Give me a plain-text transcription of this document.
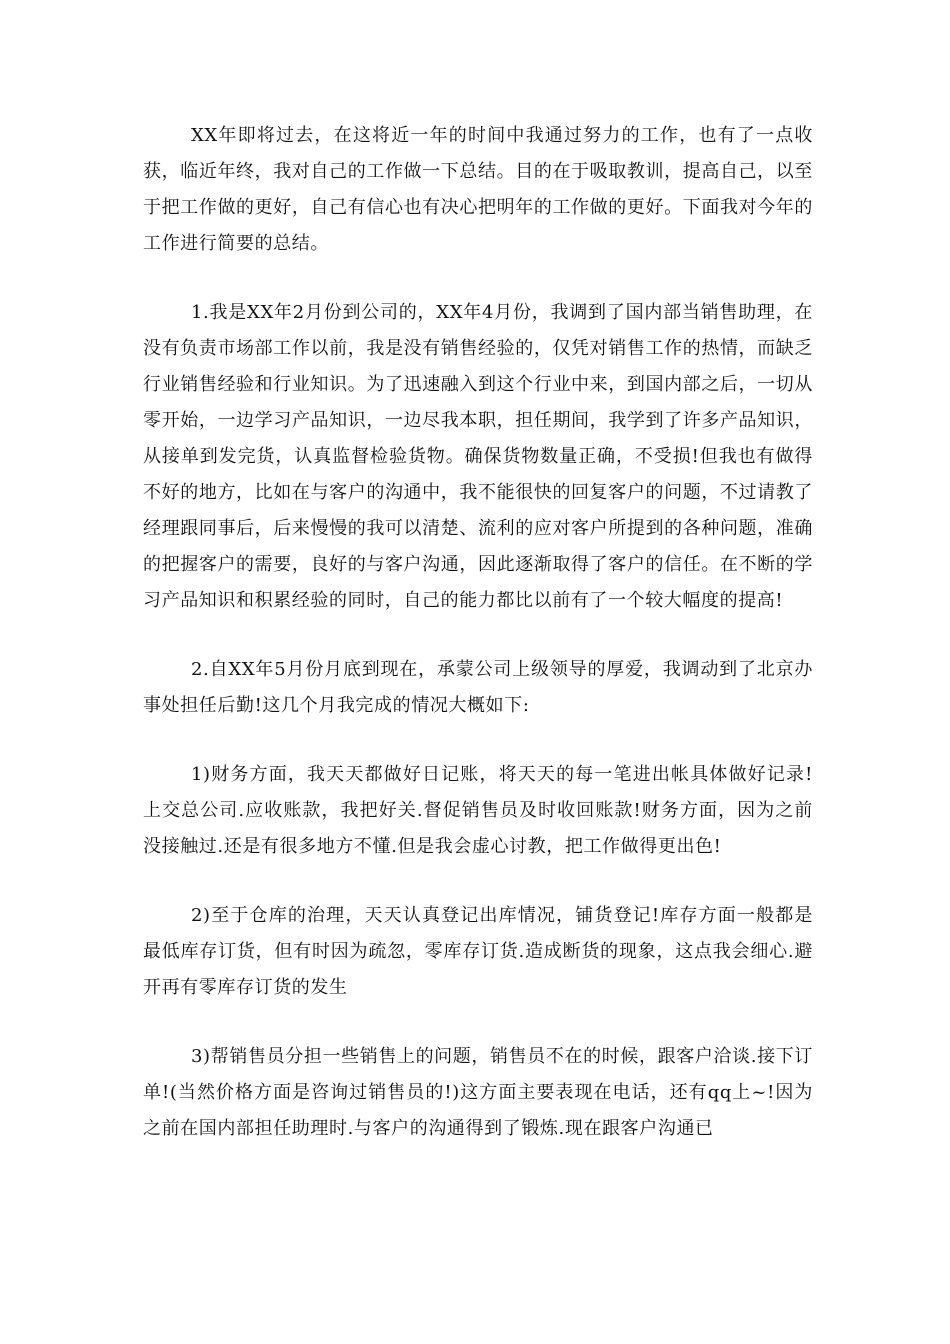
XX年即将过去，在这将近一年的时间中我通过努力的工作，也有了一点收获，临近年终，我对自己的工作做一下总结。目的在于吸取教训，提高自己，以至于把工作做的更好，自己有信心也有决心把明年的工作做的更好。下面我对今年的工作进行简要的总结。

1.我是XX年2月份到公司的，XX年4月份，我调到了国内部当销售助理，在没有负责市场部工作以前，我是没有销售经验的，仅凭对销售工作的热情，而缺乏行业销售经验和行业知识。为了迅速融入到这个行业中来，到国内部之后，一切从零开始，一边学习产品知识，一边尽我本职，担任期间，我学到了许多产品知识，从接单到发完货，认真监督检验货物。确保货物数量正确，不受损!但我也有做得不好的地方，比如在与客户的沟通中，我不能很快的回复客户的问题，不过请教了经理跟同事后，后来慢慢的我可以清楚、流利的应对客户所提到的各种问题，准确的把握客户的需要，良好的与客户沟通，因此逐渐取得了客户的信任。在不断的学习产品知识和积累经验的同时，自己的能力都比以前有了一个较大幅度的提高!

2.自XX年5月份月底到现在，承蒙公司上级领导的厚爱，我调动到了北京办事处担任后勤!这几个月我完成的情况大概如下:

1)财务方面，我天天都做好日记账，将天天的每一笔进出帐具体做好记录!上交总公司.应收账款，我把好关.督促销售员及时收回账款!财务方面，因为之前没接触过.还是有很多地方不懂.但是我会虚心讨教，把工作做得更出色!

2)至于仓库的治理，天天认真登记出库情况，铺货登记!库存方面一般都是最低库存订货，但有时因为疏忽，零库存订货.造成断货的现象，这点我会细心.避开再有零库存订货的发生

3)帮销售员分担一些销售上的问题，销售员不在的时候，跟客户洽谈.接下订单!(当然价格方面是咨询过销售员的!)这方面主要表现在电话，还有qq上~!因为之前在国内部担任助理时.与客户的沟通得到了锻炼.现在跟客户沟通已
